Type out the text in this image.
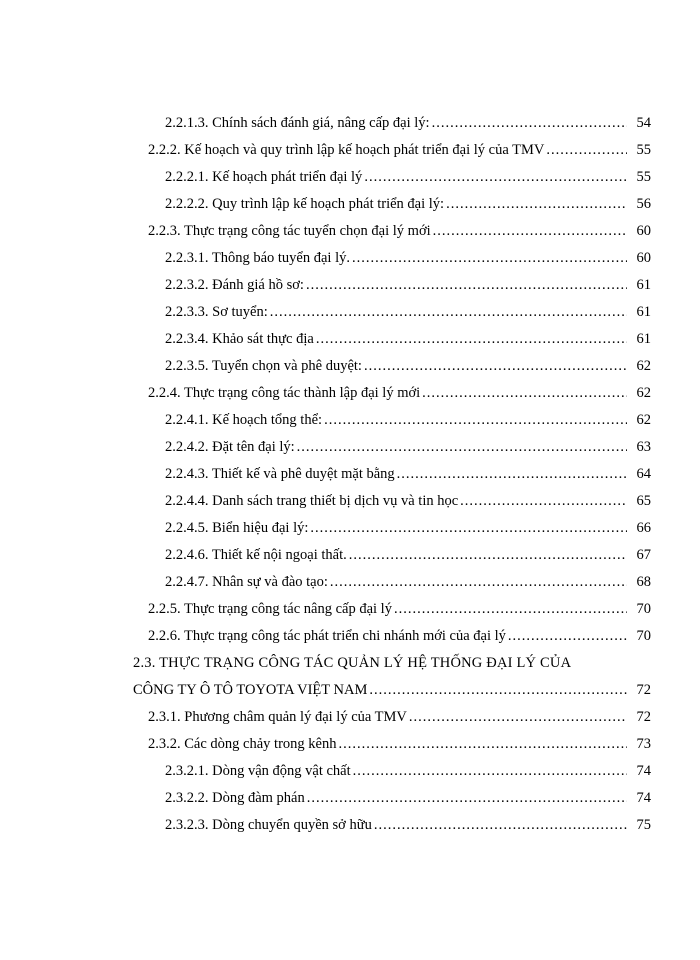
2.2.1.3. Chính sách đánh giá, nâng cấp đại lý: .....	54
2.2.2. Kế hoạch và quy trình lập kế hoạch phát triển đại lý của TMV .....	55
2.2.2.1. Kế hoạch phát triển đại lý .....	55
2.2.2.2. Quy trình lập kế hoạch phát triển đại lý: .....	56
2.2.3. Thực trạng công tác tuyển chọn đại lý mới .....	60
2.2.3.1. Thông báo tuyển đại lý. .....	60
2.2.3.2. Đánh giá hồ sơ: .....	61
2.2.3.3. Sơ tuyển: .....	61
2.2.3.4. Khảo sát thực địa .....	61
2.2.3.5. Tuyển chọn và phê duyệt: .....	62
2.2.4. Thực trạng công tác thành lập đại lý mới .....	62
2.2.4.1. Kế hoạch tổng thể: .....	62
2.2.4.2. Đặt tên đại lý: .....	63
2.2.4.3. Thiết kế và phê duyệt mặt bằng .....	64
2.2.4.4. Danh sách trang thiết bị dịch vụ và tin học .....	65
2.2.4.5. Biển hiệu đại lý: .....	66
2.2.4.6. Thiết kế nội ngoại thất. .....	67
2.2.4.7. Nhân sự và đào tạo: .....	68
2.2.5. Thực trạng công tác nâng cấp đại lý .....	70
2.2.6. Thực trạng công tác phát triển chi nhánh mới của đại lý .....	70
2.3. THỰC TRẠNG CÔNG TÁC QUẢN LÝ HỆ THỐNG ĐẠI LÝ CỦA
CÔNG TY Ô TÔ TOYOTA VIỆT NAM .....	72
2.3.1. Phương châm quản lý đại lý của TMV .....	72
2.3.2. Các dòng chảy trong kênh .....	73
2.3.2.1. Dòng vận động vật chất .....	74
2.3.2.2. Dòng đàm phán .....	74
2.3.2.3. Dòng chuyển quyền sở hữu .....	75
